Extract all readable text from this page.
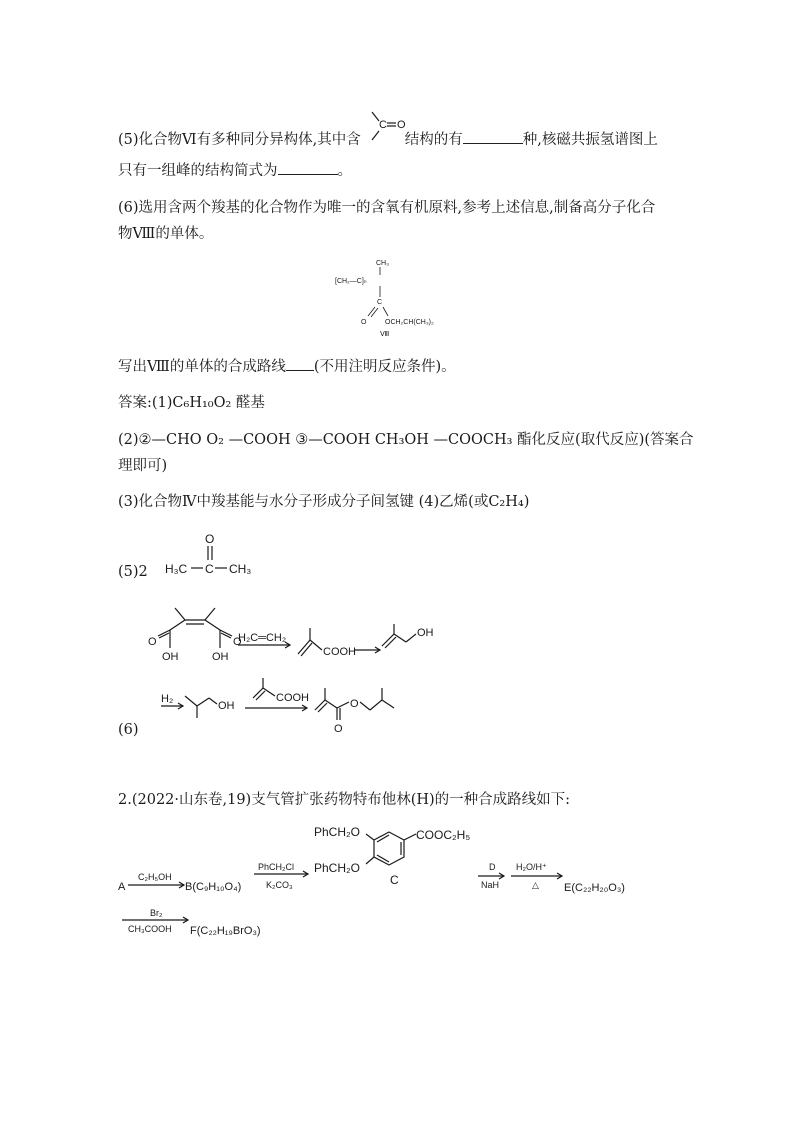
(5)化合物Ⅵ有多种同分异构体,其中含	结构的有	种,核磁共振氢谱图上
C O
只有一组峰的结构简式为	。
(6)选用含两个羧基的化合物作为唯一的含氧有机原料,参考上述信息,制备高分子化合
物Ⅷ的单体。
CH₃
[CH₂—C]ₙ
C
O	OCH₂CH(CH₃)₂
Ⅷ
写出Ⅷ的单体的合成路线 (不用注明反应条件)。
答案:(1)C₆H₁₀O₂ 醛基
(2)②—CHO O₂ —COOH ③—COOH CH₃OH —COOCH₃ 酯化反应(取代反应)(答案合
理即可)
(3)化合物Ⅳ中羧基能与水分子形成分子间氢键 (4)乙烯(或C₂H₄)
(5)2
O
H₃C C CH₃
O	O
OH	OH
H₂C═CH₂
COOH
OH
(6)
H₂
OH
COOH
O
O
2.(2022·山东卷,19)支气管扩张药物特布他林(H)的一种合成路线如下:
PhCH₂O	COOC₂H₅
PhCH₂O
C
A
C₂H₅OH
B(C₉H₁₀O₄)
PhCH₂Cl
K₂CO₃
D
NaH
H₂O/H⁺
△ E(C₂₂H₂₀O₃)
Br₂
CH₃COOH F(C₂₂H₁₉BrO₃)
